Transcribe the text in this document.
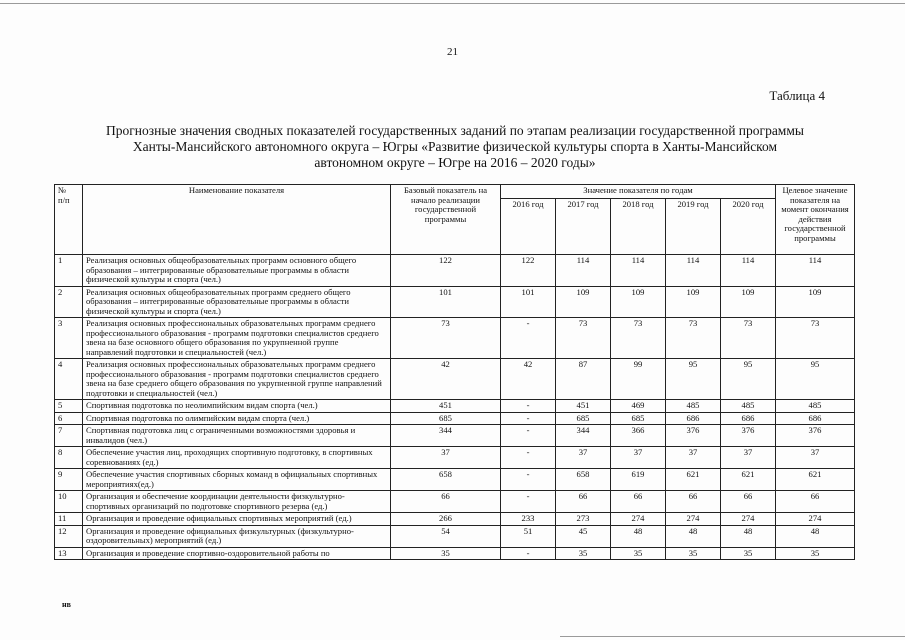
21
Таблица 4
Прогнозные значения сводных показателей государственных заданий по этапам реализации государственной программы
Ханты-Мансийского автономного округа – Югры «Развитие физической культуры спорта в Ханты-Мансийском
автономном округе – Югре на 2016 – 2020 годы»
№
п/п	Наименование показателя	Базовый показатель на начало реализации государственной программы	Значение показателя по годам					Целевое значение показателя на момент окончания действия государственной программы
			2016 год	2017 год	2018 год	2019 год	2020 год	
1	Реализация основных общеобразовательных программ основного общего образования – интегрированные образовательные программы в области физической культуры и спорта (чел.)	122	122	114	114	114	114	114
2	Реализация основных общеобразовательных программ среднего общего образования – интегрированные образовательные программы в области физической культуры и спорта (чел.)	101	101	109	109	109	109	109
3	Реализация основных профессиональных образовательных программ среднего профессионального образования - программ подготовки специалистов среднего звена на базе основного общего образования по укрупненной группе направлений подготовки и специальностей (чел.)	73	-	73	73	73	73	73
4	Реализация основных профессиональных образовательных программ среднего профессионального образования - программ подготовки специалистов среднего звена на базе среднего общего образования по укрупненной группе направлений подготовки и специальностей (чел.)	42	42	87	99	95	95	95
5	Спортивная подготовка по неолимпийским видам спорта (чел.)	451	-	451	469	485	485	485
6	Спортивная подготовка по олимпийским видам спорта (чел.)	685	-	685	685	686	686	686
7	Спортивная подготовка лиц с ограниченными возможностями здоровья и инвалидов (чел.)	344	-	344	366	376	376	376
8	Обеспечение участия лиц, проходящих спортивную подготовку, в спортивных соревнованиях (ед.)	37	-	37	37	37	37	37
9	Обеспечение участия спортивных сборных команд в официальных спортивных мероприятиях(ед.)	658	-	658	619	621	621	621
10	Организация и обеспечение координации деятельности физкультурно-спортивных организаций по подготовке спортивного резерва (ед.)	66	-	66	66	66	66	66
11	Организация и проведение официальных спортивных мероприятий (ед.)	266	233	273	274	274	274	274
12	Организация и проведение официальных физкультурных (физкультурно-оздоровительных) мероприятий (ед.)	54	51	45	48	48	48	48
13	Организация и проведение спортивно-оздоровительной работы по	35	-	35	35	35	35	35
нв
